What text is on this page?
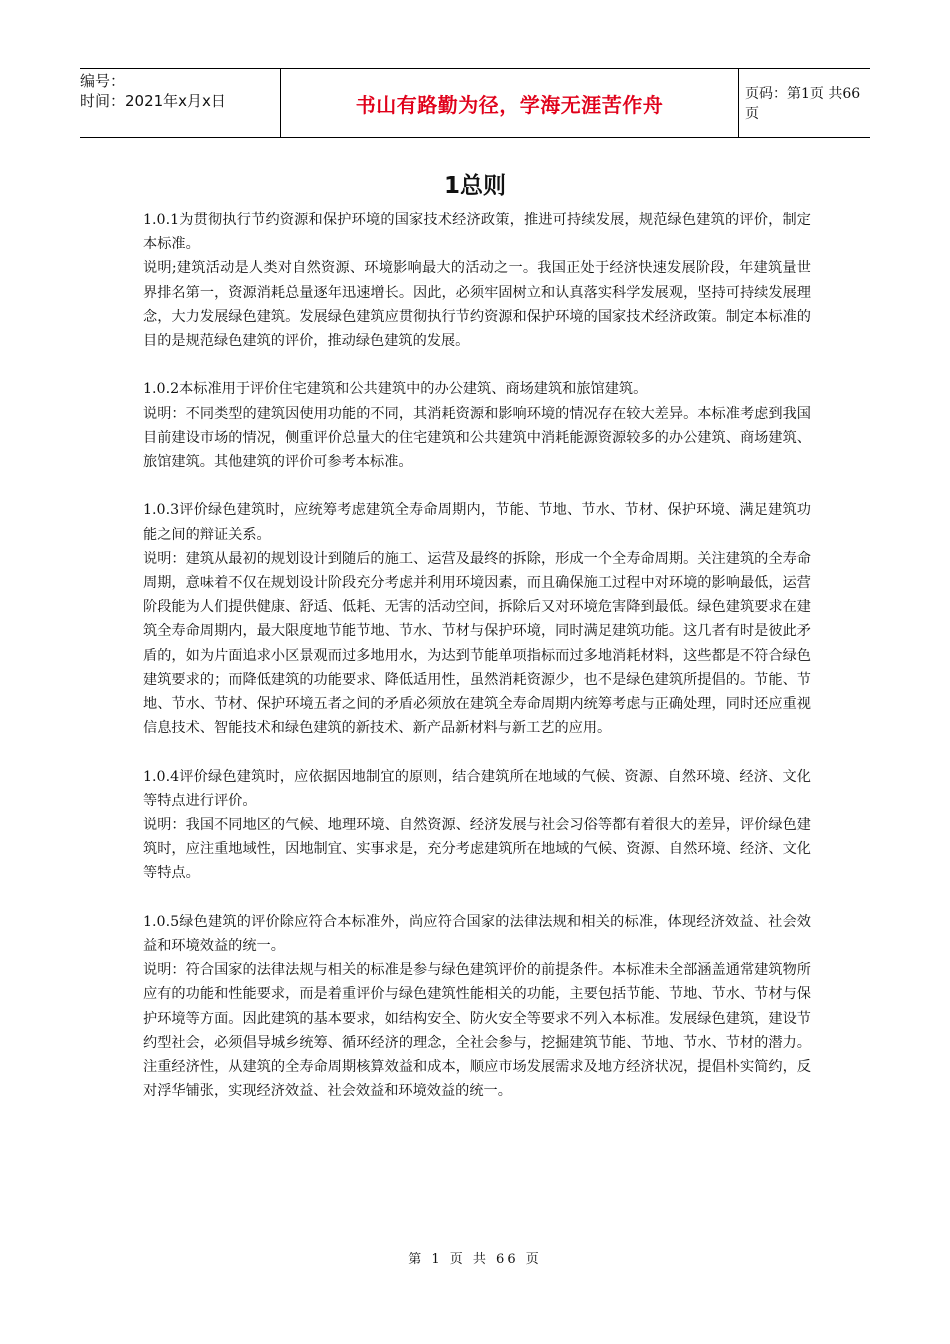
编号：
时间：2021年x月x日	书山有路勤为径，学海无涯苦作舟	页码：第1页 共66页
1总则

1.0.1为贯彻执行节约资源和保护环境的国家技术经济政策，推进可持续发展，规范绿色建筑的评价，制定本标准。

说明;建筑活动是人类对自然资源、环境影响最大的活动之一。我国正处于经济快速发展阶段，年建筑量世界排名第一，资源消耗总量逐年迅速增长。因此，必须牢固树立和认真落实科学发展观，坚持可持续发展理念，大力发展绿色建筑。发展绿色建筑应贯彻执行节约资源和保护环境的国家技术经济政策。制定本标准的目的是规范绿色建筑的评价，推动绿色建筑的发展。

1.0.2本标准用于评价住宅建筑和公共建筑中的办公建筑、商场建筑和旅馆建筑。

说明：不同类型的建筑因使用功能的不同，其消耗资源和影响环境的情况存在较大差异。本标准考虑到我国目前建设市场的情况，侧重评价总量大的住宅建筑和公共建筑中消耗能源资源较多的办公建筑、商场建筑、旅馆建筑。其他建筑的评价可参考本标准。

1.0.3评价绿色建筑时，应统筹考虑建筑全寿命周期内，节能、节地、节水、节材、保护环境、满足建筑功能之间的辩证关系。

说明：建筑从最初的规划设计到随后的施工、运营及最终的拆除，形成一个全寿命周期。关注建筑的全寿命周期，意味着不仅在规划设计阶段充分考虑并利用环境因素，而且确保施工过程中对环境的影响最低，运营阶段能为人们提供健康、舒适、低耗、无害的活动空间，拆除后又对环境危害降到最低。绿色建筑要求在建筑全寿命周期内，最大限度地节能节地、节水、节材与保护环境，同时满足建筑功能。这几者有时是彼此矛盾的，如为片面追求小区景观而过多地用水，为达到节能单项指标而过多地消耗材料，这些都是不符合绿色建筑要求的；而降低建筑的功能要求、降低适用性，虽然消耗资源少，也不是绿色建筑所提倡的。节能、节地、节水、节材、保护环境五者之间的矛盾必须放在建筑全寿命周期内统筹考虑与正确处理，同时还应重视信息技术、智能技术和绿色建筑的新技术、新产品新材料与新工艺的应用。

1.0.4评价绿色建筑时，应依据因地制宜的原则，结合建筑所在地域的气候、资源、自然环境、经济、文化等特点进行评价。

说明：我国不同地区的气候、地理环境、自然资源、经济发展与社会习俗等都有着很大的差异，评价绿色建筑时，应注重地域性，因地制宜、实事求是，充分考虑建筑所在地域的气候、资源、自然环境、经济、文化等特点。

1.0.5绿色建筑的评价除应符合本标准外，尚应符合国家的法律法规和相关的标准，体现经济效益、社会效益和环境效益的统一。

说明：符合国家的法律法规与相关的标准是参与绿色建筑评价的前提条件。本标准未全部涵盖通常建筑物所应有的功能和性能要求，而是着重评价与绿色建筑性能相关的功能，主要包括节能、节地、节水、节材与保护环境等方面。因此建筑的基本要求，如结构安全、防火安全等要求不列入本标准。发展绿色建筑，建设节约型社会，必须倡导城乡统筹、循环经济的理念，全社会参与，挖掘建筑节能、节地、节水、节材的潜力。注重经济性，从建筑的全寿命周期核算效益和成本，顺应市场发展需求及地方经济状况，提倡朴实简约，反对浮华铺张，实现经济效益、社会效益和环境效益的统一。

第 1 页 共 66 页
